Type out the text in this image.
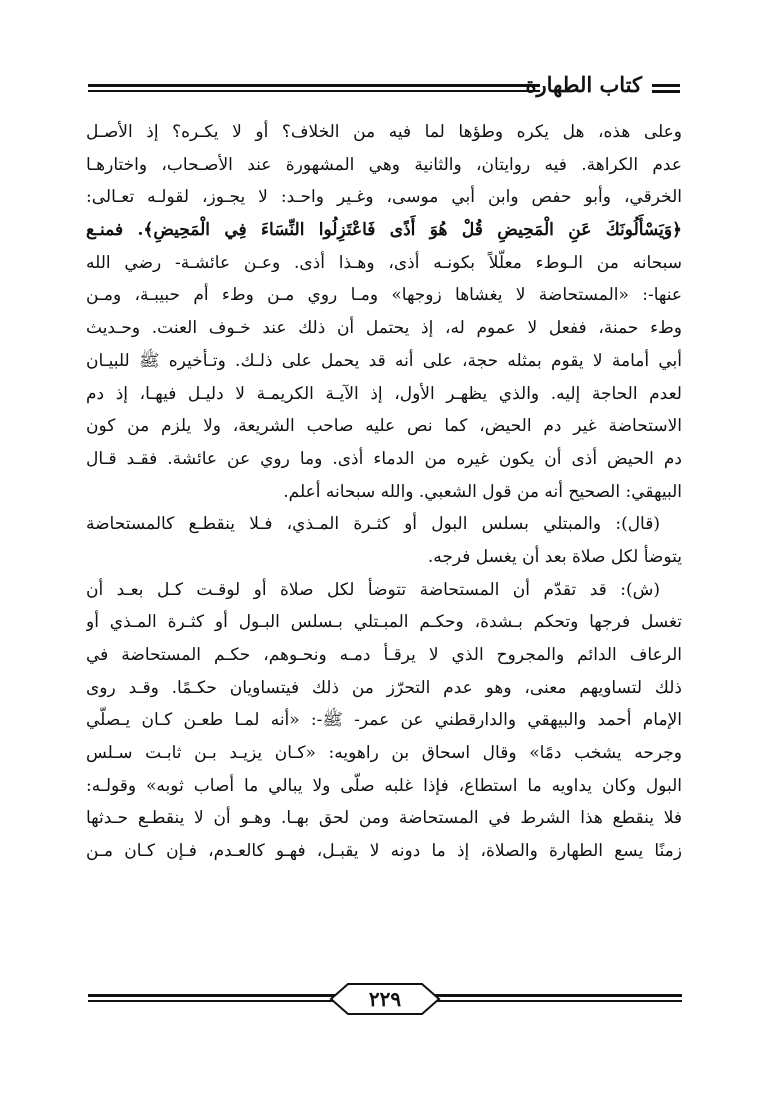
كتاب الطهارة
وعلى هذه، هل يكره وطؤها لما فيه من الخلاف؟ أو لا يكـره؟ إذ الأصـل
عدم الكراهة. فيه روايتان، والثانية وهي المشهورة عند الأصـحاب، واختارهـا
الخرقي، وأبو حفص وابن أبي موسى، وغـير واحـد: لا يجـوز، لقولـه تعـالى:
﴿وَيَسْأَلُونَكَ عَنِ الْمَحِيضِ قُلْ هُوَ أَذًى فَاعْتَزِلُوا النِّسَاءَ فِي الْمَحِيضِ﴾. فمنـع
سبحانه من الـوطء معلّلاً بكونـه أذى، وهـذا أذى. وعـن عائشـة- رضي الله
عنها-: «المستحاضة لا يغشاها زوجها» ومـا روي مـن وطء أم حبيبـة، ومـن
وطء حمنة، ففعل لا عموم له، إذ يحتمل أن ذلك عند خـوف العنت. وحـديث
أبي أمامة لا يقوم بمثله حجة، على أنه قد يحمل على ذلـك. وتـأخيره ﷺ للبيـان
لعدم الحاجة إليه. والذي يظهـر الأول، إذ الآيـة الكريمـة لا دليـل فيهـا، إذ دم
الاستحاضة غير دم الحيض، كما نص عليه صاحب الشريعة، ولا يلزم من كون
دم الحيض أذى أن يكون غيره من الدماء أذى. وما روي عن عائشة. فقـد قـال
البيهقي: الصحيح أنه من قول الشعبي. والله سبحانه أعلم.
(قال): والمبتلي بسلس البول أو كثـرة المـذي، فـلا ينقطـع كالمستحاضة
يتوضأ لكل صلاة بعد أن يغسل فرجه.
(ش): قد تقدّم أن المستحاضة تتوضأ لكل صلاة أو لوقـت كـل بعـد أن
تغسل فرجها وتحكم بـشدة، وحكـم المبـتلي بـسلس البـول أو كثـرة المـذي أو
الرعاف الدائم والمجروح الذي لا يرقـأ دمـه ونحـوهم، حكـم المستحاضة في
ذلك لتساويهم معنى، وهو عدم التحرّز من ذلك فيتساويان حكـمًا. وقـد روى
الإمام أحمد والبيهقي والدارقطني عن عمر- ﷺ-: «أنه لمـا طعـن كـان يـصلّي
وجرحه يشخب دمًا» وقال اسحاق بن راهويه: «كـان يزيـد بـن ثابـت سـلس
البول وكان يداويه ما استطاع، فإذا غلبه صلّى ولا يبالي ما أصاب ثوبه» وقولـه:
فلا ينقطع هذا الشرط في المستحاضة ومن لحق بهـا. وهـو أن لا ينقطـع حـدثها
زمنًا يسع الطهارة والصلاة، إذ ما دونه لا يقبـل، فهـو كالعـدم، فـإن كـان مـن
٢٢٩
